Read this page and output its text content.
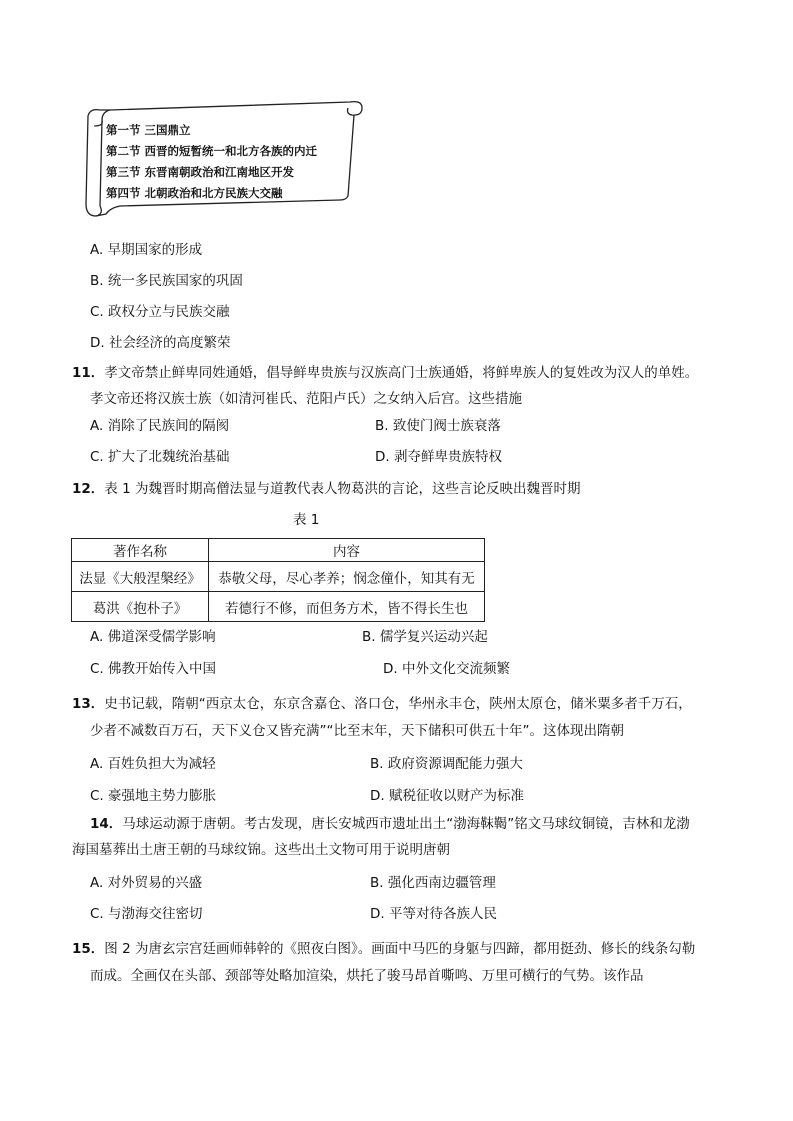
第一节 三国鼎立
第二节 西晋的短暂统一和北方各族的内迁
第三节 东晋南朝政治和江南地区开发
第四节 北朝政治和北方民族大交融
A. 早期国家的形成
B. 统一多民族国家的巩固
C. 政权分立与民族交融
D. 社会经济的高度繁荣
11．孝文帝禁止鲜卑同姓通婚，倡导鲜卑贵族与汉族高门士族通婚，将鲜卑族人的复姓改为汉人的单姓。
孝文帝还将汉族士族（如清河崔氏、范阳卢氏）之女纳入后宫。这些措施
A. 消除了民族间的隔阂	B. 致使门阀士族衰落
C. 扩大了北魏统治基础	D. 剥夺鲜卑贵族特权
12．表 1 为魏晋时期高僧法显与道教代表人物葛洪的言论，这些言论反映出魏晋时期
表 1
著作名称	内容
法显《大般涅槃经》	恭敬父母，尽心孝养；悯念僮仆，知其有无
葛洪《抱朴子》	若德行不修，而但务方术，皆不得长生也
A. 佛道深受儒学影响	B. 儒学复兴运动兴起
C. 佛教开始传入中国	D. 中外文化交流频繁
13．史书记载，隋朝“西京太仓，东京含嘉仓、洛口仓，华州永丰仓，陕州太原仓，储米粟多者千万石，
少者不减数百万石，天下义仓又皆充满”“比至末年，天下储积可供五十年”。这体现出隋朝
A. 百姓负担大为减轻	B. 政府资源调配能力强大
C. 豪强地主势力膨胀	D. 赋税征收以财产为标准
14．马球运动源于唐朝。考古发现，唐长安城西市遗址出土“渤海靺鞨”铭文马球纹铜镜，吉林和龙渤
海国墓葬出土唐王朝的马球纹锦。这些出土文物可用于说明唐朝
A. 对外贸易的兴盛	B. 强化西南边疆管理
C. 与渤海交往密切	D. 平等对待各族人民
15．图 2 为唐玄宗宫廷画师韩幹的《照夜白图》。画面中马匹的身躯与四蹄，都用挺劲、修长的线条勾勒
而成。全画仅在头部、颈部等处略加渲染，烘托了骏马昂首嘶鸣、万里可横行的气势。该作品
